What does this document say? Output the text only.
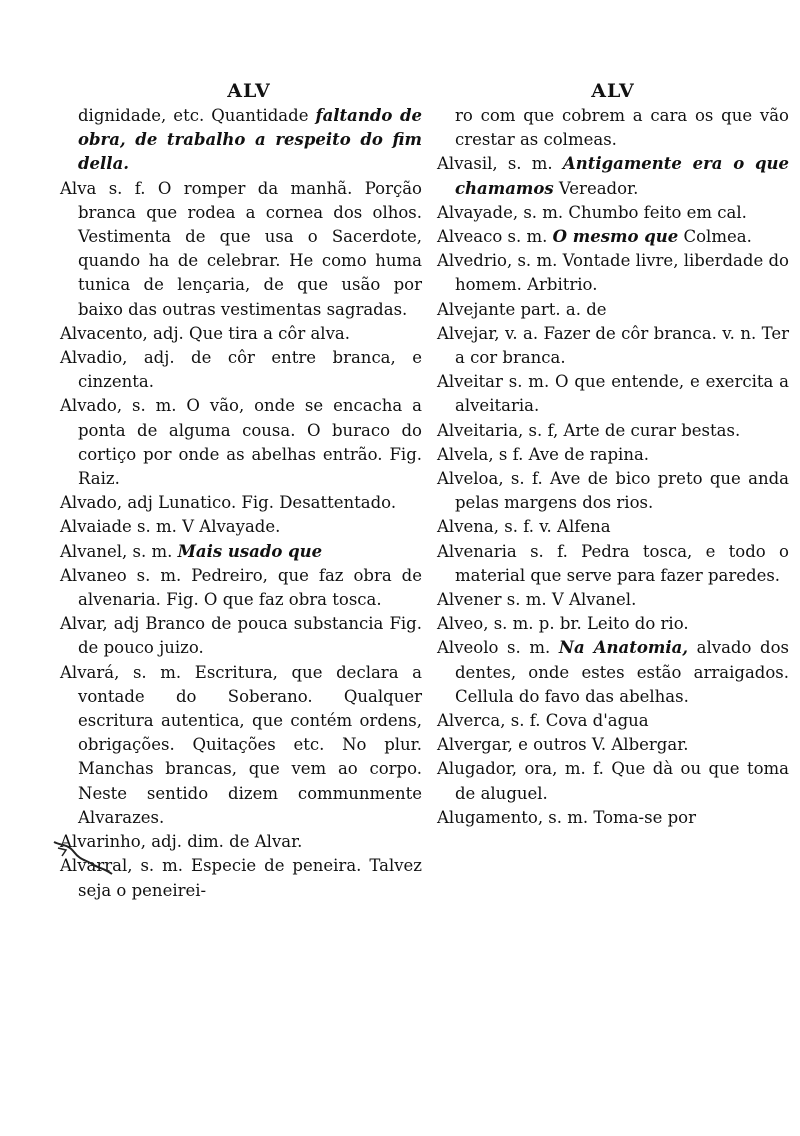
ALV

dignidade, etc. Quantidade faltando de obra, de trabalho a respeito do fim della.

Alva s. f. O romper da manhã. Porção branca que rodea a cornea dos olhos. Vestimenta de que usa o Sacerdote, quando ha de celebrar. He como huma tunica de lençaria, de que usão por baixo das outras vestimentas sagradas.

Alvacento, adj. Que tira a côr alva.

Alvadio, adj. de côr entre branca, e cinzenta.

Alvado, s. m. O vão, onde se encacha a ponta de alguma cousa. O buraco do cortiço por onde as abelhas entrão. Fig. Raiz.

Alvado, adj Lunatico. Fig. Desattentado.

Alvaiade s. m. V Alvayade.

Alvanel, s. m. Mais usado que

Alvaneo s. m. Pedreiro, que faz obra de alvenaria. Fig. O que faz obra tosca.

Alvar, adj Branco de pouca substancia Fig. de pouco juizo.

Alvará, s. m. Escritura, que declara a vontade do Soberano. Qualquer escritura autentica, que contém ordens, obrigações. Quitações etc. No plur. Manchas brancas, que vem ao corpo. Neste sentido dizem communmente Alvarazes.

Alvarinho, adj. dim. de Alvar.

Alvarral, s. m. Especie de peneira. Talvez seja o peneirei-

ALV

ro com que cobrem a cara os que vão crestar as colmeas.

Alvasil, s. m. Antigamente era o que chamamos Vereador.

Alvayade, s. m. Chumbo feito em cal.

Alveaco s. m. O mesmo que Colmea.

Alvedrio, s. m. Vontade livre, liberdade do homem. Arbitrio.

Alvejante part. a. de

Alvejar, v. a. Fazer de côr branca. v. n. Ter a cor branca.

Alveitar s. m. O que entende, e exercita a alveitaria.

Alveitaria, s. f, Arte de curar bestas.

Alvela, s f. Ave de rapina.

Alveloa, s. f. Ave de bico preto que anda pelas margens dos rios.

Alvena, s. f. v. Alfena

Alvenaria s. f. Pedra tosca, e todo o material que serve para fazer paredes.

Alvener s. m. V Alvanel.

Alveo, s. m. p. br. Leito do rio.

Alveolo s. m. Na Anatomia, alvado dos dentes, onde estes estão arraigados. Cellula do favo das abelhas.

Alverca, s. f. Cova d'agua

Alvergar, e outros V. Albergar.

Alugador, ora, m. f. Que dà ou que toma de aluguel.

Alugamento, s. m. Toma-se por
